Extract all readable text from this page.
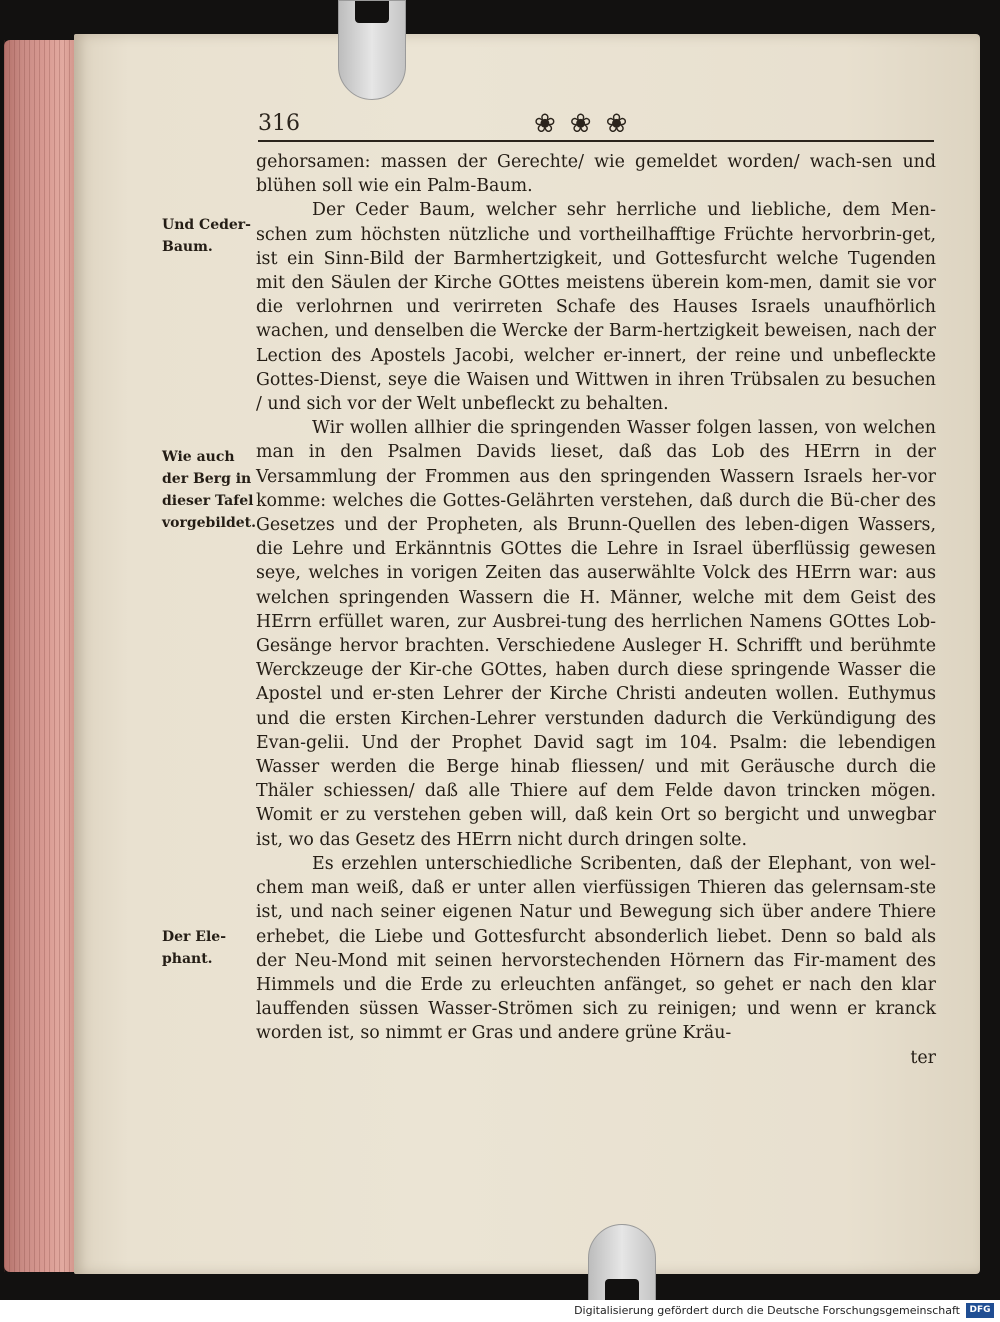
316	❀❀❀
Und Ceder-
Baum.
Wie auch
der Berg in
dieser Tafel
vorgebildet.
Der Ele-
phant.

gehorsamen: massen der Gerechte/ wie gemeldet worden/ wach-sen und blühen soll wie ein Palm-Baum.

Der Ceder Baum, welcher sehr herrliche und liebliche, dem Men-schen zum höchsten nützliche und vortheilhafftige Früchte hervorbrin-get, ist ein Sinn-Bild der Barmhertzigkeit, und Gottesfurcht welche Tugenden mit den Säulen der Kirche GOttes meistens überein kom-men, damit sie vor die verlohrnen und verirreten Schafe des Hauses Israels unaufhörlich wachen, und denselben die Wercke der Barm-hertzigkeit beweisen, nach der Lection des Apostels Jacobi, welcher er-innert, der reine und unbefleckte Gottes-Dienst, seye die Waisen und Wittwen in ihren Trübsalen zu besuchen / und sich vor der Welt unbefleckt zu behalten.

Wir wollen allhier die springenden Wasser folgen lassen, von welchen man in den Psalmen Davids lieset, daß das Lob des HErrn in der Versammlung der Frommen aus den springenden Wassern Israels her-vor komme: welches die Gottes-Gelährten verstehen, daß durch die Bü-cher des Gesetzes und der Propheten, als Brunn-Quellen des leben-digen Wassers, die Lehre und Erkänntnis GOttes die Lehre in Israel überflüssig gewesen seye, welches in vorigen Zeiten das auserwählte Volck des HErrn war: aus welchen springenden Wassern die H. Männer, welche mit dem Geist des HErrn erfüllet waren, zur Ausbrei-tung des herrlichen Namens GOttes Lob-Gesänge hervor brachten. Verschiedene Ausleger H. Schrifft und berühmte Werckzeuge der Kir-che GOttes, haben durch diese springende Wasser die Apostel und er-sten Lehrer der Kirche Christi andeuten wollen. Euthymus und die ersten Kirchen-Lehrer verstunden dadurch die Verkündigung des Evan-gelii. Und der Prophet David sagt im 104. Psalm: die lebendigen Wasser werden die Berge hinab fliessen/ und mit Geräusche durch die Thäler schiessen/ daß alle Thiere auf dem Felde davon trincken mögen. Womit er zu verstehen geben will, daß kein Ort so bergicht und unwegbar ist, wo das Gesetz des HErrn nicht durch dringen solte.

Es erzehlen unterschiedliche Scribenten, daß der Elephant, von wel-chem man weiß, daß er unter allen vierfüssigen Thieren das gelernsam-ste ist, und nach seiner eigenen Natur und Bewegung sich über andere Thiere erhebet, die Liebe und Gottesfurcht absonderlich liebet. Denn so bald als der Neu-Mond mit seinen hervorstechenden Hörnern das Fir-mament des Himmels und die Erde zu erleuchten anfänget, so gehet er nach den klar lauffenden süssen Wasser-Strömen sich zu reinigen; und wenn er kranck worden ist, so nimmt er Gras und andere grüne Kräu-

ter

Digitalisierung gefördert durch die Deutsche Forschungsgemeinschaft	DFG
